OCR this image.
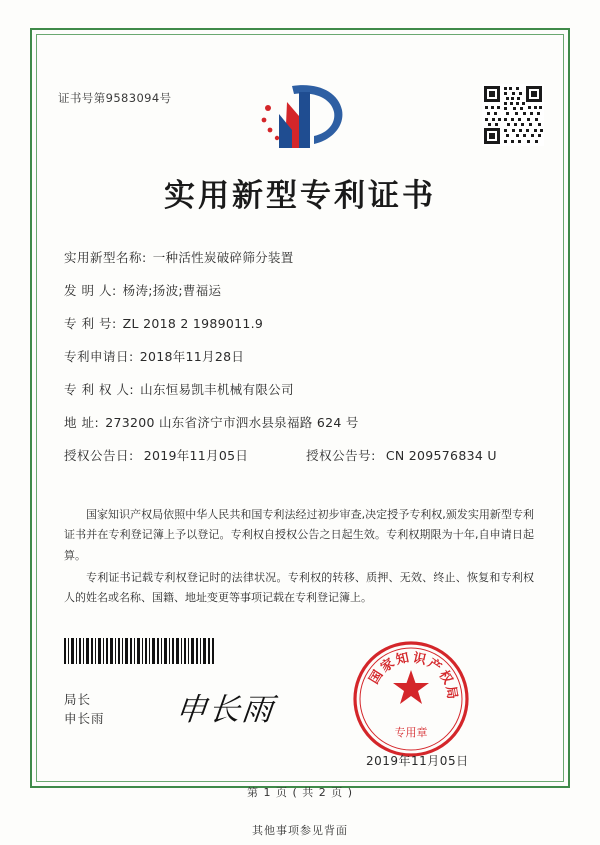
证书号第9583094号
实用新型专利证书
实用新型名称: 一种活性炭破碎筛分装置
发 明 人: 杨涛;扬波;曹福运
专 利 号: ZL 2018 2 1989011.9
专利申请日: 2018年11月28日
专 利 权 人: 山东恒易凯丰机械有限公司
地 址: 273200 山东省济宁市泗水县泉福路 624 号
授权公告日: 2019年11月05日	授权公告号: CN 209576834 U

国家知识产权局依照中华人民共和国专利法经过初步审查,决定授予专利权,颁发实用新型专利证书并在专利登记簿上予以登记。专利权自授权公告之日起生效。专利权期限为十年,自申请日起算。

专利证书记载专利权登记时的法律状况。专利权的转移、质押、无效、终止、恢复和专利权人的姓名或名称、国籍、地址变更等事项记载在专利登记簿上。

局长
申长雨 申长雨
国
家
知 识
产
权
局
专用章
2019年11月05日
第 1 页 ( 共 2 页 )
其他事项参见背面
